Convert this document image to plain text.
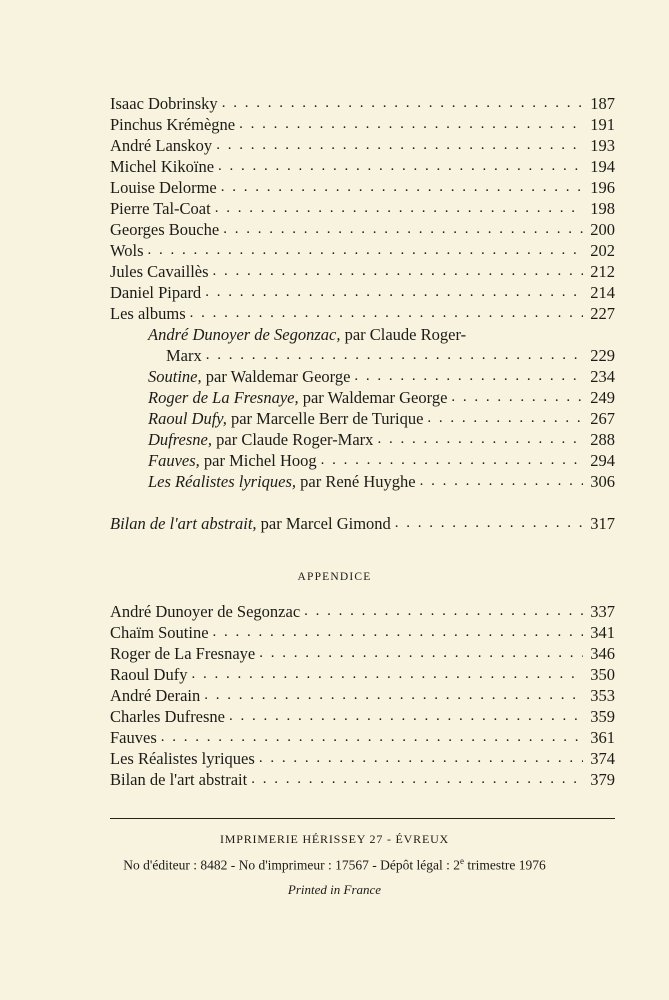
Isaac Dobrinsky . . .	187
Pinchus Krémègne . . .	191
André Lanskoy . . .	193
Michel Kikoïne . . .	194
Louise Delorme . . .	196
Pierre Tal-Coat . . .	198
Georges Bouche . . .	200
Wols . . .	202
Jules Cavaillès . . .	212
Daniel Pipard . . .	214
Les albums . . .	227
André Dunoyer de Segonzac, par Claude Roger-
Marx . . .	229
Soutine, par Waldemar George . . .	234
Roger de La Fresnaye, par Waldemar George . . .	249
Raoul Dufy, par Marcelle Berr de Turique . . .	267
Dufresne, par Claude Roger-Marx . . .	288
Fauves, par Michel Hoog . . .	294
Les Réalistes lyriques, par René Huyghe . . .	306
Bilan de l'art abstrait, par Marcel Gimond . . .	317
APPENDICE
André Dunoyer de Segonzac . . .	337
Chaïm Soutine . . .	341
Roger de La Fresnaye . . .	346
Raoul Dufy . . .	350
André Derain . . .	353
Charles Dufresne . . .	359
Fauves . . .	361
Les Réalistes lyriques . . .	374
Bilan de l'art abstrait . . .	379
IMPRIMERIE HÉRISSEY 27 - ÉVREUX
No d'éditeur : 8482 - No d'imprimeur : 17567 - Dépôt légal : 2e trimestre 1976
Printed in France
